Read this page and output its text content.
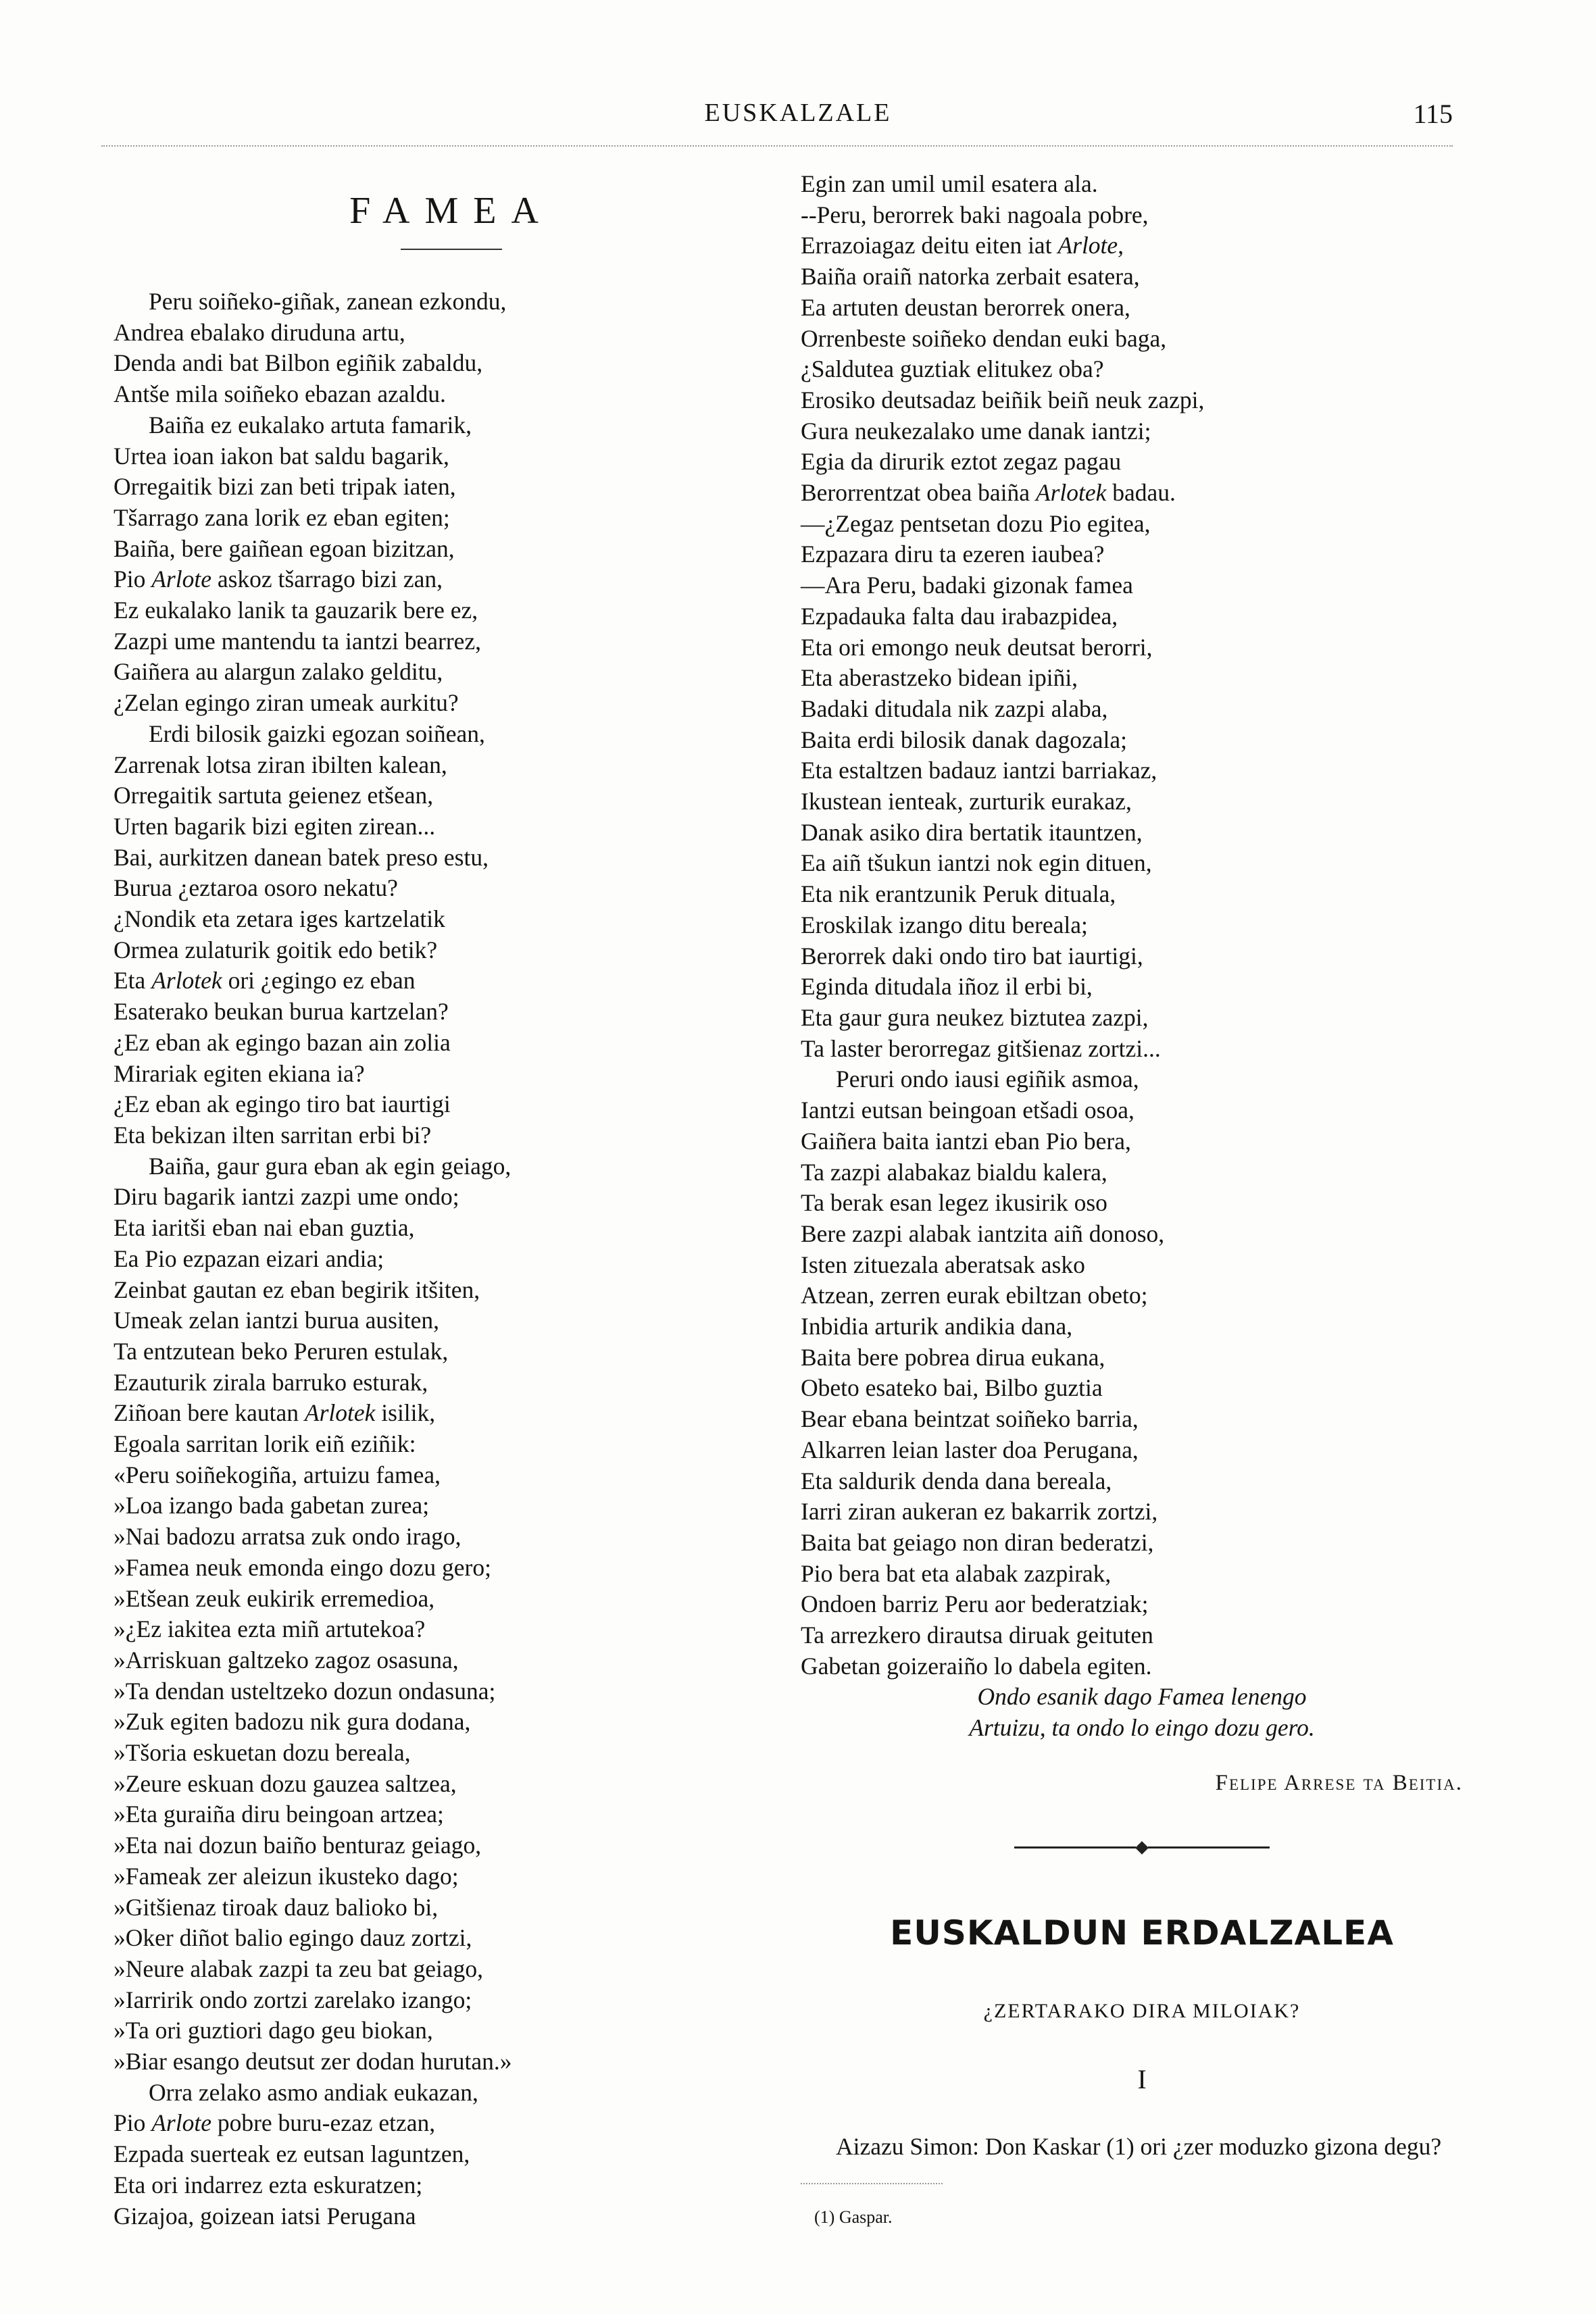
EUSKALZALE	115
FAMEA
Peru soiñeko-giñak, zanean ezkondu,
Andrea ebalako diruduna artu,
Denda andi bat Bilbon egiñik zabaldu,
Antše mila soiñeko ebazan azaldu.
Baiña ez eukalako artuta famarik,
Urtea ioan iakon bat saldu bagarik,
Orregaitik bizi zan beti tripak iaten,
Tšarrago zana lorik ez eban egiten;
Baiña, bere gaiñean egoan bizitzan,
Pio Arlote askoz tšarrago bizi zan,
Ez eukalako lanik ta gauzarik bere ez,
Zazpi ume mantendu ta iantzi bearrez,
Gaiñera au alargun zalako gelditu,
¿Zelan egingo ziran umeak aurkitu?
Erdi bilosik gaizki egozan soiñean,
Zarrenak lotsa ziran ibilten kalean,
Orregaitik sartuta geienez etšean,
Urten bagarik bizi egiten zirean...
Bai, aurkitzen danean batek preso estu,
Burua ¿eztaroa osoro nekatu?
¿Nondik eta zetara iges kartzelatik
Ormea zulaturik goitik edo betik?
Eta Arlotek ori ¿egingo ez eban
Esaterako beukan burua kartzelan?
¿Ez eban ak egingo bazan ain zolia
Mirariak egiten ekiana ia?
¿Ez eban ak egingo tiro bat iaurtigi
Eta bekizan ilten sarritan erbi bi?
Baiña, gaur gura eban ak egin geiago,
Diru bagarik iantzi zazpi ume ondo;
Eta iaritši eban nai eban guztia,
Ea Pio ezpazan eizari andia;
Zeinbat gautan ez eban begirik itšiten,
Umeak zelan iantzi burua ausiten,
Ta entzutean beko Peruren estulak,
Ezauturik zirala barruko esturak,
Ziñoan bere kautan Arlotek isilik,
Egoala sarritan lorik eiñ eziñik:
«Peru soiñekogiña, artuizu famea,
»Loa izango bada gabetan zurea;
»Nai badozu arratsa zuk ondo irago,
»Famea neuk emonda eingo dozu gero;
»Etšean zeuk eukirik erremedioa,
»¿Ez iakitea ezta miñ artutekoa?
»Arriskuan galtzeko zagoz osasuna,
»Ta dendan usteltzeko dozun ondasuna;
»Zuk egiten badozu nik gura dodana,
»Tšoria eskuetan dozu bereala,
»Zeure eskuan dozu gauzea saltzea,
»Eta guraiña diru beingoan artzea;
»Eta nai dozun baiño benturaz geiago,
»Fameak zer aleizun ikusteko dago;
»Gitšienaz tiroak dauz balioko bi,
»Oker diñot balio egingo dauz zortzi,
»Neure alabak zazpi ta zeu bat geiago,
»Iarririk ondo zortzi zarelako izango;
»Ta ori guztiori dago geu biokan,
»Biar esango deutsut zer dodan hurutan.»
Orra zelako asmo andiak eukazan,
Pio Arlote pobre buru-ezaz etzan,
Ezpada suerteak ez eutsan laguntzen,
Eta ori indarrez ezta eskuratzen;
Gizajoa, goizean iatsi Perugana
Egin zan umil umil esatera ala.
--Peru, berorrek baki nagoala pobre,
Errazoiagaz deitu eiten iat Arlote,
Baiña oraiñ natorka zerbait esatera,
Ea artuten deustan berorrek onera,
Orrenbeste soiñeko dendan euki baga,
¿Saldutea guztiak elitukez oba?
Erosiko deutsadaz beiñik beiñ neuk zazpi,
Gura neukezalako ume danak iantzi;
Egia da dirurik eztot zegaz pagau
Berorrentzat obea baiña Arlotek badau.
—¿Zegaz pentsetan dozu Pio egitea,
Ezpazara diru ta ezeren iaubea?
—Ara Peru, badaki gizonak famea
Ezpadauka falta dau irabazpidea,
Eta ori emongo neuk deutsat berorri,
Eta aberastzeko bidean ipiñi,
Badaki ditudala nik zazpi alaba,
Baita erdi bilosik danak dagozala;
Eta estaltzen badauz iantzi barriakaz,
Ikustean ienteak, zurturik eurakaz,
Danak asiko dira bertatik itauntzen,
Ea aiñ tšukun iantzi nok egin dituen,
Eta nik erantzunik Peruk dituala,
Eroskilak izango ditu bereala;
Berorrek daki ondo tiro bat iaurtigi,
Eginda ditudala iñoz il erbi bi,
Eta gaur gura neukez biztutea zazpi,
Ta laster berorregaz gitšienaz zortzi...
Peruri ondo iausi egiñik asmoa,
Iantzi eutsan beingoan etšadi osoa,
Gaiñera baita iantzi eban Pio bera,
Ta zazpi alabakaz bialdu kalera,
Ta berak esan legez ikusirik oso
Bere zazpi alabak iantzita aiñ donoso,
Isten zituezala aberatsak asko
Atzean, zerren eurak ebiltzan obeto;
Inbidia arturik andikia dana,
Baita bere pobrea dirua eukana,
Obeto esateko bai, Bilbo guztia
Bear ebana beintzat soiñeko barria,
Alkarren leian laster doa Perugana,
Eta saldurik denda dana bereala,
Iarri ziran aukeran ez bakarrik zortzi,
Baita bat geiago non diran bederatzi,
Pio bera bat eta alabak zazpirak,
Ondoen barriz Peru aor bederatziak;
Ta arrezkero dirautsa diruak geituten
Gabetan goizeraiño lo dabela egiten.
Ondo esanik dago Famea lenengo
Artuizu, ta ondo lo eingo dozu gero.
Felipe Arrese ta Beitia.
EUSKALDUN ERDALZALEA
¿ZERTARAKO DIRA MILOIAK?
I
Aizazu Simon: Don Kaskar (1) ori ¿zer moduzko gizona degu?
(1) Gaspar.
